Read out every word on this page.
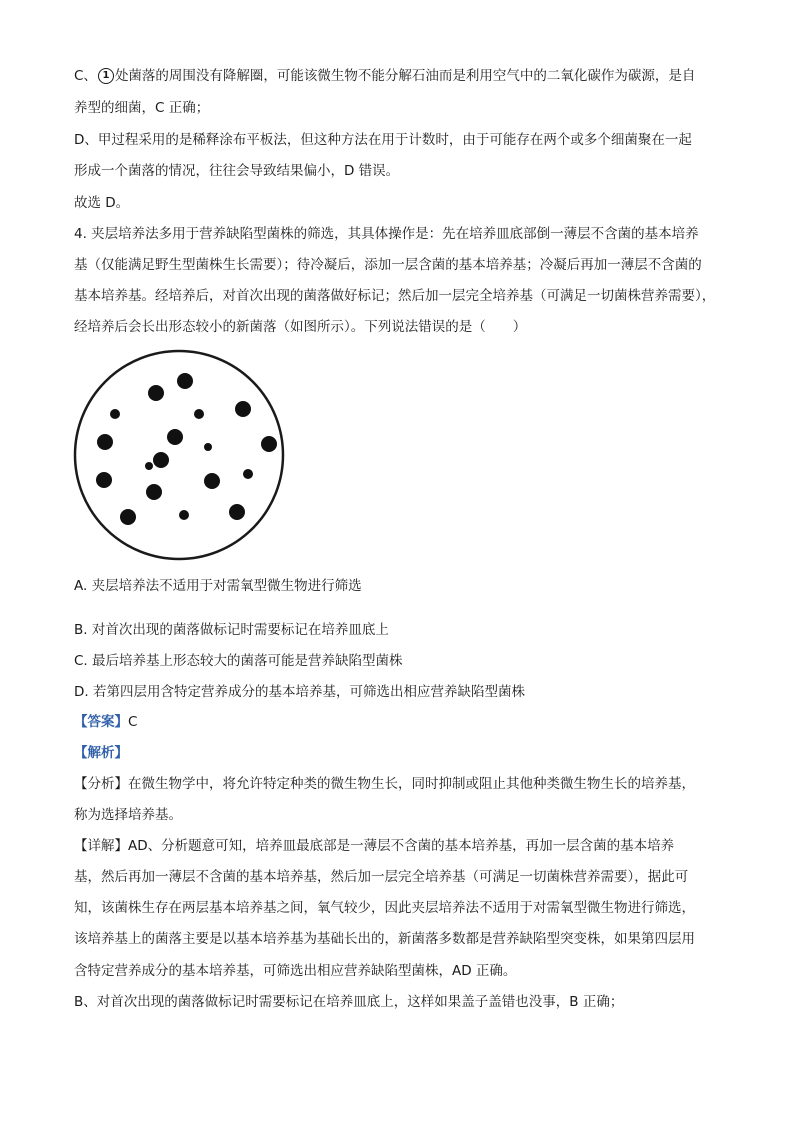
C、 1 处菌落的周围没有降解圈，可能该微生物不能分解石油而是利用空气中的二氧化碳作为碳源，是自
养型的细菌，C 正确；
D、甲过程采用的是稀释涂布平板法，但这种方法在用于计数时，由于可能存在两个或多个细菌聚在一起
形成一个菌落的情况，往往会导致结果偏小，D 错误。
故选 D。
4. 夹层培养法多用于营养缺陷型菌株的筛选，其具体操作是：先在培养皿底部倒一薄层不含菌的基本培养
基（仅能满足野生型菌株生长需要）；待冷凝后，添加一层含菌的基本培养基；冷凝后再加一薄层不含菌的
基本培养基。经培养后，对首次出现的菌落做好标记；然后加一层完全培养基（可满足一切菌株营养需要），
经培养后会长出形态较小的新菌落（如图所示）。下列说法错误的是（　　）
A. 夹层培养法不适用于对需氧型微生物进行筛选
B. 对首次出现的菌落做标记时需要标记在培养皿底上
C. 最后培养基上形态较大的菌落可能是营养缺陷型菌株
D. 若第四层用含特定营养成分的基本培养基，可筛选出相应营养缺陷型菌株
【答案】C
【解析】
【分析】在微生物学中，将允许特定种类的微生物生长，同时抑制或阻止其他种类微生物生长的培养基，
称为选择培养基。
【详解】AD、分析题意可知，培养皿最底部是一薄层不含菌的基本培养基，再加一层含菌的基本培养
基，然后再加一薄层不含菌的基本培养基，然后加一层完全培养基（可满足一切菌株营养需要），据此可
知，该菌株生存在两层基本培养基之间，氧气较少，因此夹层培养法不适用于对需氧型微生物进行筛选，
该培养基上的菌落主要是以基本培养基为基础长出的，新菌落多数都是营养缺陷型突变株，如果第四层用
含特定营养成分的基本培养基，可筛选出相应营养缺陷型菌株，AD 正确。
B、对首次出现的菌落做标记时需要标记在培养皿底上，这样如果盖子盖错也没事，B 正确；
